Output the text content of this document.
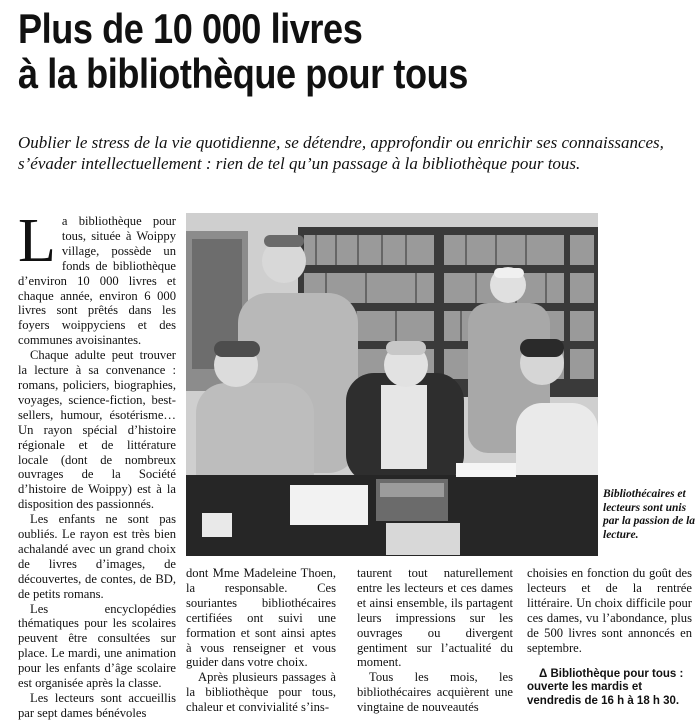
Plus de 10 000 livres
à la bibliothèque pour tous

Oublier le stress de la vie quotidienne, se détendre, approfondir ou enrichir ses connaissances, s’évader intellectuellement : rien de tel qu’un passage à la bibliothèque pour tous.

La bibliothèque pour tous, située à Woippy village, possède un fonds de bibliothèque d’environ 10 000 livres et chaque année, environ 6 000 livres sont prêtés dans les foyers woippyciens et des communes avoisinantes.

Chaque adulte peut trouver la lecture à sa convenance : romans, policiers, biographies, voyages, science-fiction, best-sellers, humour, ésotérisme… Un rayon spécial d’histoire régionale et de littérature locale (dont de nombreux ouvrages de la Société d’histoire de Woippy) est à la disposition des passionnés.

Les enfants ne sont pas oubliés. Le rayon est très bien achalandé avec un grand choix de livres d’images, de découvertes, de contes, de BD, de petits romans.

Les encyclopédies thématiques pour les scolaires peuvent être consultées sur place. Le mardi, une animation pour les enfants d’âge scolaire est organisée après la classe.

Les lecteurs sont accueillis par sept dames bénévoles

Bibliothécaires et lecteurs sont unis par la passion de la lecture.

dont Mme Madeleine Thoen, la responsable. Ces souriantes bibliothécaires certifiées ont suivi une formation et sont ainsi aptes à vous renseigner et vous guider dans votre choix.

Après plusieurs passages à la bibliothèque pour tous, chaleur et convivialité s’ins-

taurent tout naturellement entre les lecteurs et ces dames et ainsi ensemble, ils partagent leurs impressions sur les ouvrages ou divergent gentiment sur l’actualité du moment.

Tous les mois, les bibliothécaires acquièrent une vingtaine de nouveautés

choisies en fonction du goût des lecteurs et de la rentrée littéraire. Un choix difficile pour ces dames, vu l’abondance, plus de 500 livres sont annoncés en septembre.

Δ Bibliothèque pour tous : ouverte les mardis et vendredis de 16 h à 18 h 30.
